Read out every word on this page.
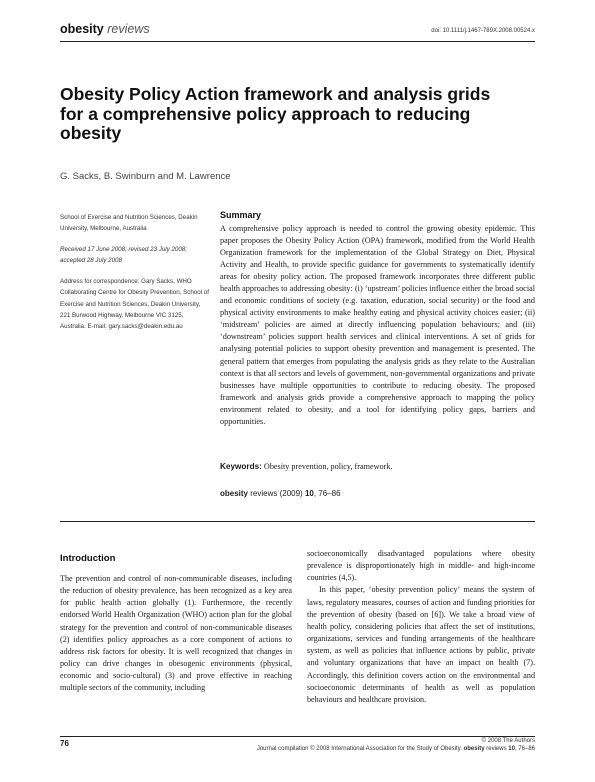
obesity reviews	doi: 10.1111/j.1467-789X.2008.00524.x
Obesity Policy Action framework and analysis grids for a comprehensive policy approach to reducing obesity
G. Sacks, B. Swinburn and M. Lawrence

School of Exercise and Nutrition Sciences, Deakin University, Melbourne, Australia

Received 17 June 2008; revised 23 July 2008; accepted 28 July 2008

Address for correspondence: Gary Sacks, WHO Collaborating Centre for Obesity Prevention, School of Exercise and Nutrition Sciences, Deakin University, 221 Burwood Highway, Melbourne VIC 3125, Australia. E-mail: gary.sacks@deakin.edu.au

Summary
A comprehensive policy approach is needed to control the growing obesity epidemic. This paper proposes the Obesity Policy Action (OPA) framework, modified from the World Health Organization framework for the implementation of the Global Strategy on Diet, Physical Activity and Health, to provide specific guidance for governments to systematically identify areas for obesity policy action. The proposed framework incorporates three different public health approaches to addressing obesity: (i) ‘upstream’ policies influence either the broad social and economic conditions of society (e.g. taxation, education, social security) or the food and physical activity environments to make healthy eating and physical activity choices easier; (ii) ‘midstream’ policies are aimed at directly influencing population behaviours; and (iii) ‘downstream’ policies support health services and clinical interventions. A set of grids for analysing potential policies to support obesity prevention and management is presented. The general pattern that emerges from populating the analysis grids as they relate to the Australian context is that all sectors and levels of government, non-governmental organizations and private businesses have multiple opportunities to contribute to reducing obesity. The proposed framework and analysis grids provide a comprehensive approach to mapping the policy environment related to obesity, and a tool for identifying policy gaps, barriers and opportunities.
Keywords: Obesity prevention, policy, framework.
obesity reviews (2009) 10, 76–86
Introduction
The prevention and control of non-communicable diseases, including the reduction of obesity prevalence, has been recognized as a key area for public health action globally (1). Furthermore, the recently endorsed World Health Organization (WHO) action plan for the global strategy for the prevention and control of non-communicable diseases (2) identifies policy approaches as a core component of actions to address risk factors for obesity. It is well recognized that changes in policy can drive changes in obesogenic environments (physical, economic and socio-cultural) (3) and prove effective in reaching multiple sectors of the community, including

socioeconomically disadvantaged populations where obesity prevalence is disproportionately high in middle- and high-income countries (4,5).

In this paper, ‘obesity prevention policy’ means the system of laws, regulatory measures, courses of action and funding priorities for the prevention of obesity (based on [6]). We take a broad view of health policy, considering policies that affect the set of institutions, organizations, services and funding arrangements of the healthcare system, as well as policies that influence actions by public, private and voluntary organizations that have an impact on health (7). Accordingly, this definition covers action on the environmental and socioeconomic determinants of health as well as population behaviours and healthcare provision.

76	© 2008 The Authors
Journal compilation © 2008 International Association for the Study of Obesity. obesity reviews 10, 76–86
